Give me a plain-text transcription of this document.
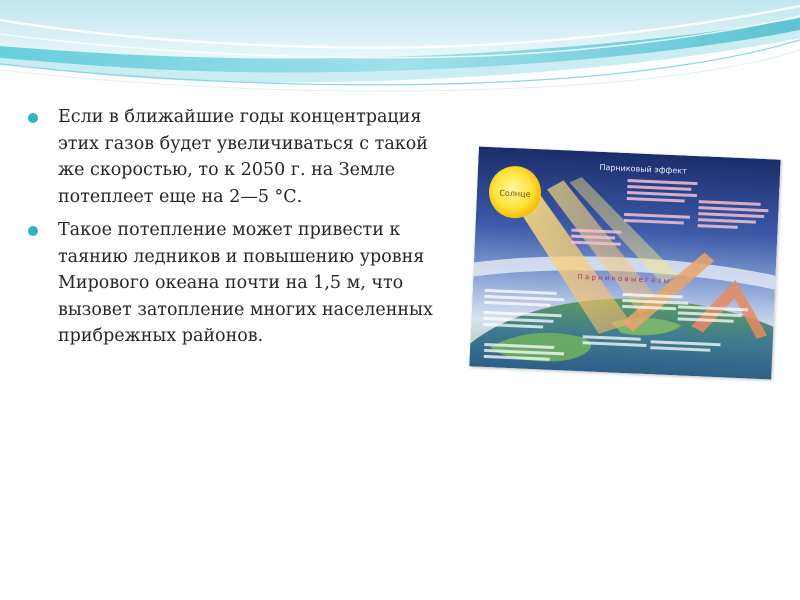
Если в ближайшие годы концентрация этих газов будет увеличиваться с такой же скоростью, то к 2050 г. на Земле потеплеет еще на 2—5 °С.
Такое потепление может привести к таянию ледников и повышению уровня Мирового океана почти на 1,5 м, что вызовет затопление многих населенных прибрежных районов.
Солнце
Парниковый эффект
П а р н и к о в ы е г а з ы
